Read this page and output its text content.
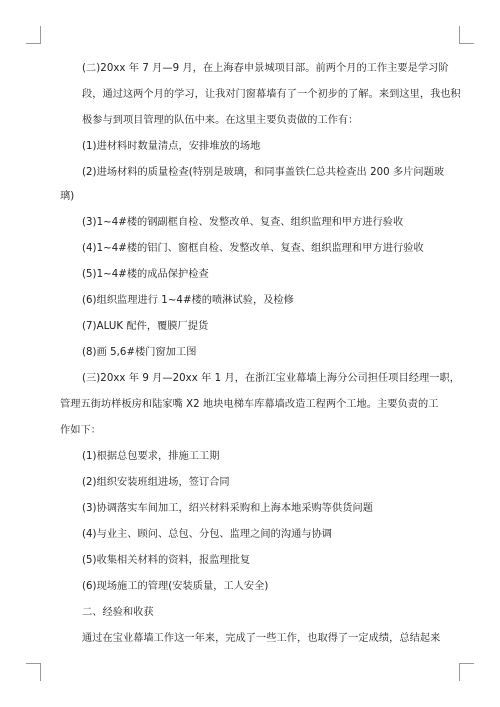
(二)20xx 年 7 月—9 月，在上海春申景城项目部。前两个月的工作主要是学习阶
段，通过这两个月的学习，让我对门窗幕墙有了一个初步的了解。来到这里，我也积
极参与到项目管理的队伍中来。在这里主要负责做的工作有：
(1)进材料时数量清点，安排堆放的场地
(2)进场材料的质量检查(特别是玻璃，和同事盖铁仁总共检查出 200 多片问题玻
璃)
(3)1~4#楼的钢副框自检、发整改单、复查、组织监理和甲方进行验收
(4)1~4#楼的铝门、窗框自检、发整改单、复查、组织监理和甲方进行验收
(5)1~4#楼的成品保护检查
(6)组织监理进行 1~4#楼的喷淋试验，及检修
(7)ALUK 配件，覆膜厂提货
(8)画 5,6#楼门窗加工图
(三)20xx 年 9 月—20xx 年 1 月，在浙江宝业幕墙上海分公司担任项目经理一职，
管理五街坊样板房和陆家嘴 X2 地块电梯车库幕墙改造工程两个工地。主要负责的工
作如下：
(1)根据总包要求，排施工工期
(2)组织安装班组进场，签订合同
(3)协调落实车间加工，绍兴材料采购和上海本地采购等供货问题
(4)与业主、顾问、总包、分包、监理之间的沟通与协调
(5)收集相关材料的资料，报监理批复
(6)现场施工的管理(安装质量，工人安全)
二、经验和收获
通过在宝业幕墙工作这一年来，完成了一些工作，也取得了一定成绩，总结起来
